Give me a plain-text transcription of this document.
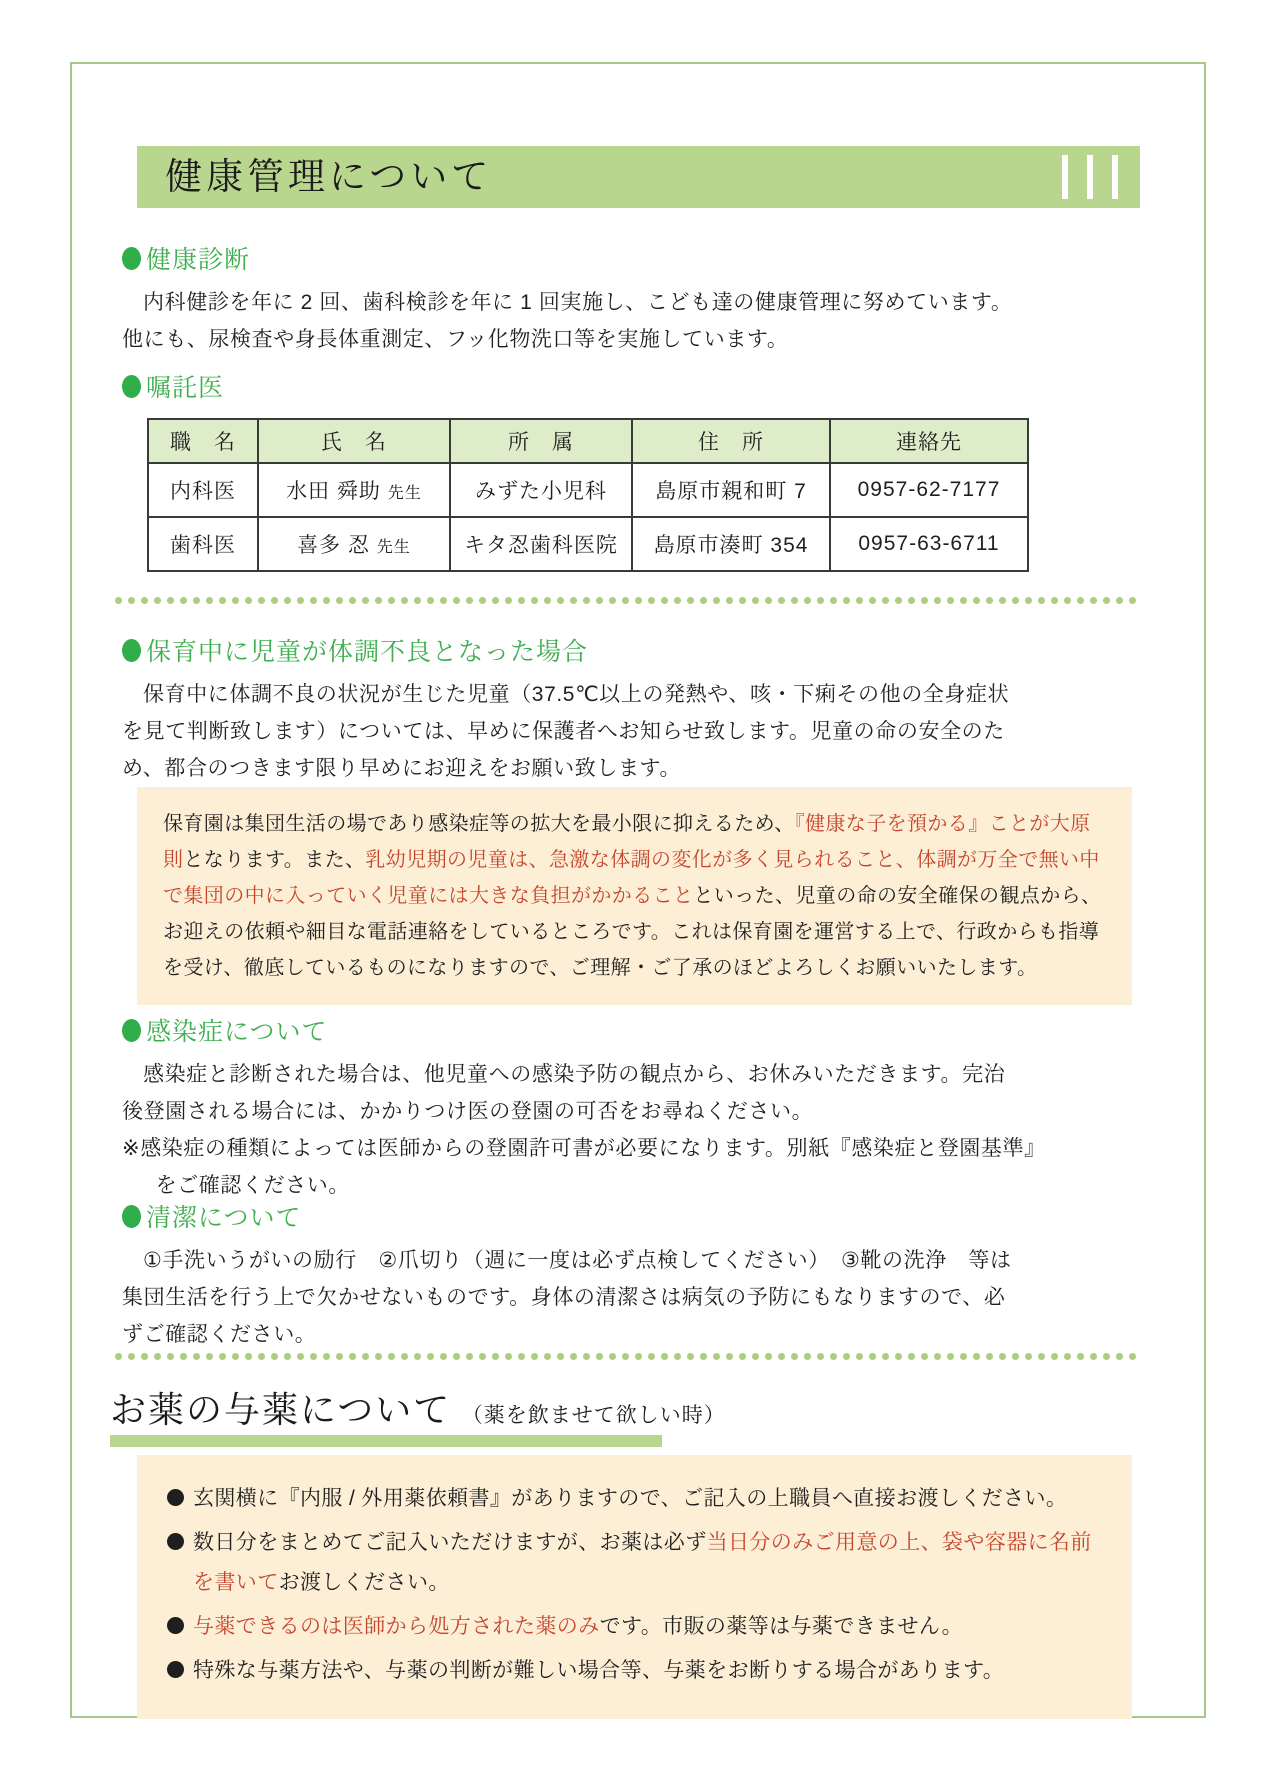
健康管理について
健康診断

内科健診を年に 2 回、歯科検診を年に 1 回実施し、こども達の健康管理に努めています。他にも、尿検査や身長体重測定、フッ化物洗口等を実施しています。

嘱託医
職　名	氏　名	所　属	住　所	連絡先
内科医	水田 舜助 先生	みずた小児科	島原市親和町 7	0957-62-7177
歯科医	喜多 忍 先生	キタ忍歯科医院	島原市湊町 354	0957-63-6711
保育中に児童が体調不良となった場合

保育中に体調不良の状況が生じた児童（37.5℃以上の発熱や、咳・下痢その他の全身症状を見て判断致します）については、早めに保護者へお知らせ致します。児童の命の安全のため、都合のつきます限り早めにお迎えをお願い致します。

保育園は集団生活の場であり感染症等の拡大を最小限に抑えるため、『健康な子を預かる』ことが大原則となります。また、乳幼児期の児童は、急激な体調の変化が多く見られること、体調が万全で無い中で集団の中に入っていく児童には大きな負担がかかることといった、児童の命の安全確保の観点から、お迎えの依頼や細目な電話連絡をしているところです。これは保育園を運営する上で、行政からも指導を受け、徹底しているものになりますので、ご理解・ご了承のほどよろしくお願いいたします。
感染症について

感染症と診断された場合は、他児童への感染予防の観点から、お休みいただきます。完治後登園される場合には、かかりつけ医の登園の可否をお尋ねください。

※感染症の種類によっては医師からの登園許可書が必要になります。別紙『感染症と登園基準』をご確認ください。

清潔について

①手洗いうがいの励行　②爪切り（週に一度は必ず点検してください）　③靴の洗浄　等は集団生活を行う上で欠かせないものです。身体の清潔さは病気の予防にもなりますので、必ずご確認ください。

お薬の与薬について （薬を飲ませて欲しい時）

玄関横に『内服 / 外用薬依頼書』がありますので、ご記入の上職員へ直接お渡しください。

数日分をまとめてご記入いただけますが、お薬は必ず当日分のみご用意の上、袋や容器に名前を書いてお渡しください。

与薬できるのは医師から処方された薬のみです。市販の薬等は与薬できません。

特殊な与薬方法や、与薬の判断が難しい場合等、与薬をお断りする場合があります。
